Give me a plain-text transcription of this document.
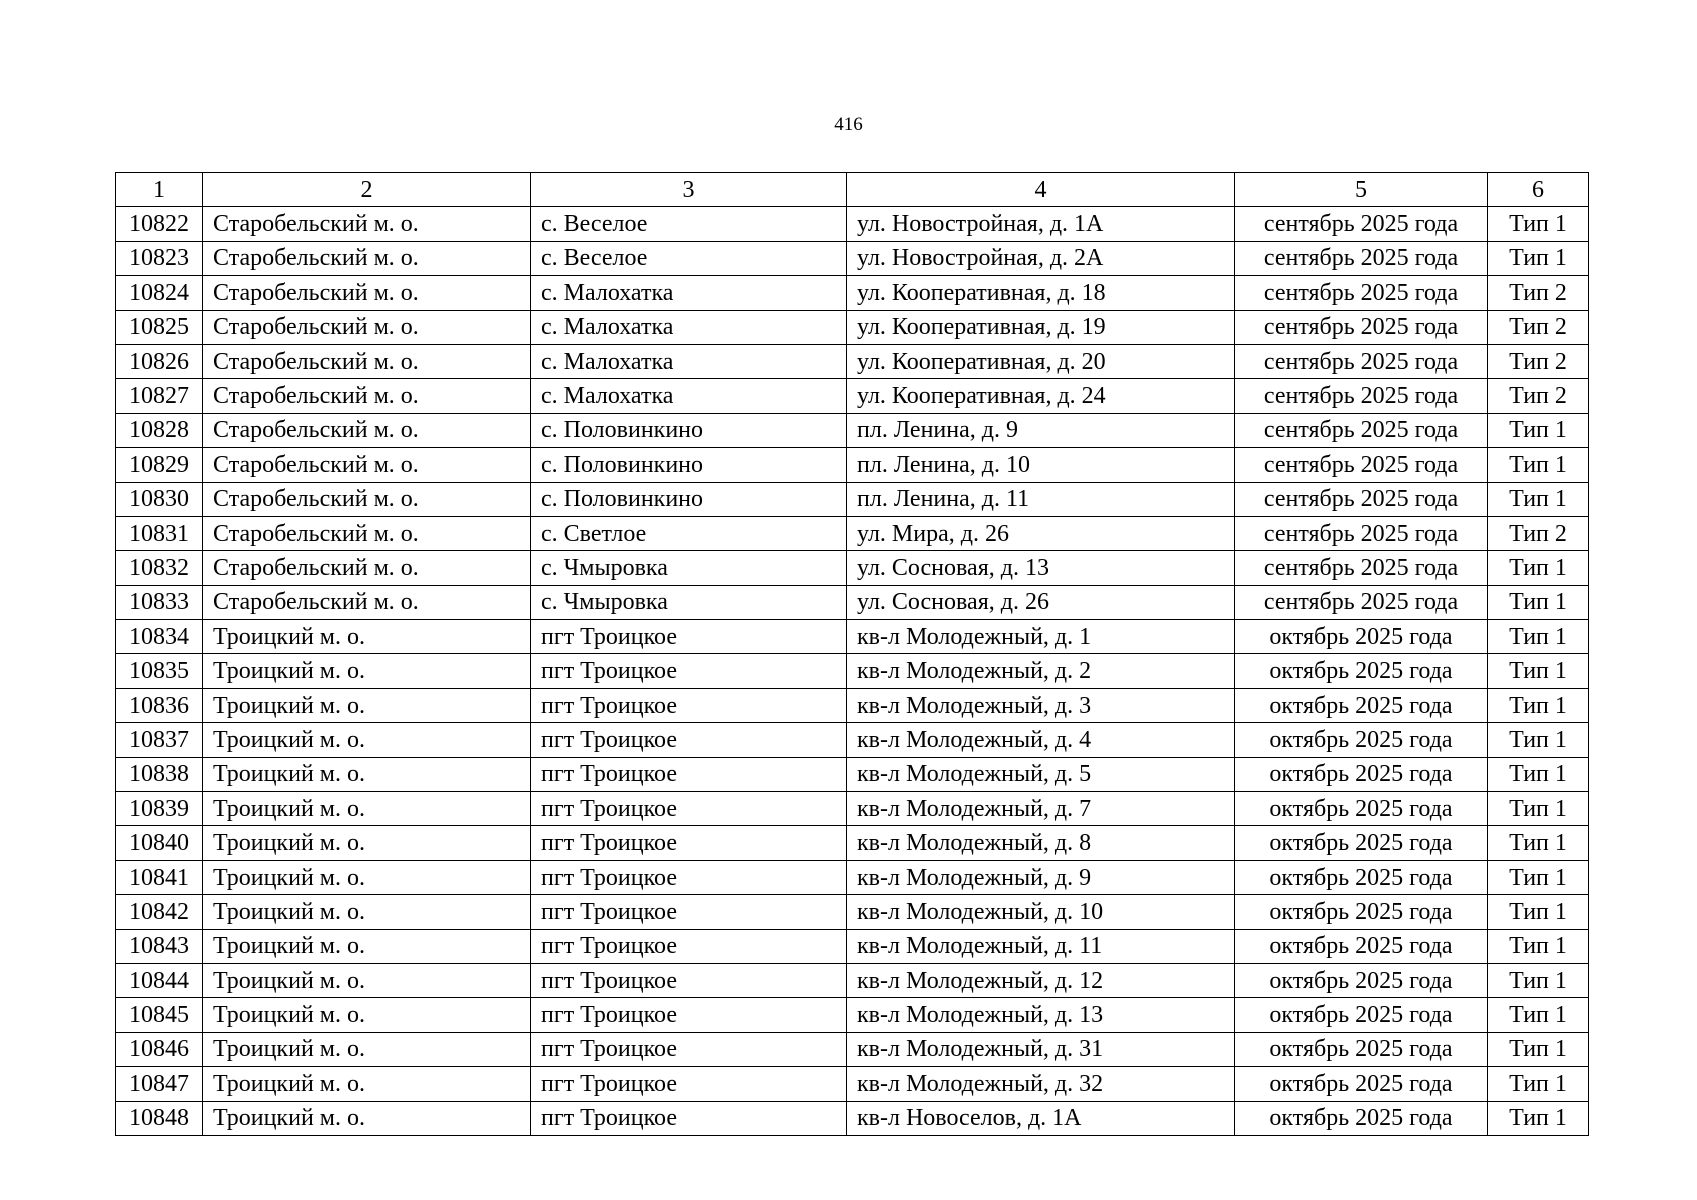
416
1	2	3	4	5	6
10822	Старобельский м. о.	с. Веселое	ул. Новостройная, д. 1А	сентябрь 2025 года	Тип 1
10823	Старобельский м. о.	с. Веселое	ул. Новостройная, д. 2А	сентябрь 2025 года	Тип 1
10824	Старобельский м. о.	с. Малохатка	ул. Кооперативная, д. 18	сентябрь 2025 года	Тип 2
10825	Старобельский м. о.	с. Малохатка	ул. Кооперативная, д. 19	сентябрь 2025 года	Тип 2
10826	Старобельский м. о.	с. Малохатка	ул. Кооперативная, д. 20	сентябрь 2025 года	Тип 2
10827	Старобельский м. о.	с. Малохатка	ул. Кооперативная, д. 24	сентябрь 2025 года	Тип 2
10828	Старобельский м. о.	с. Половинкино	пл. Ленина, д. 9	сентябрь 2025 года	Тип 1
10829	Старобельский м. о.	с. Половинкино	пл. Ленина, д. 10	сентябрь 2025 года	Тип 1
10830	Старобельский м. о.	с. Половинкино	пл. Ленина, д. 11	сентябрь 2025 года	Тип 1
10831	Старобельский м. о.	с. Светлое	ул. Мира, д. 26	сентябрь 2025 года	Тип 2
10832	Старобельский м. о.	с. Чмыровка	ул. Сосновая, д. 13	сентябрь 2025 года	Тип 1
10833	Старобельский м. о.	с. Чмыровка	ул. Сосновая, д. 26	сентябрь 2025 года	Тип 1
10834	Троицкий м. о.	пгт Троицкое	кв-л Молодежный, д. 1	октябрь 2025 года	Тип 1
10835	Троицкий м. о.	пгт Троицкое	кв-л Молодежный, д. 2	октябрь 2025 года	Тип 1
10836	Троицкий м. о.	пгт Троицкое	кв-л Молодежный, д. 3	октябрь 2025 года	Тип 1
10837	Троицкий м. о.	пгт Троицкое	кв-л Молодежный, д. 4	октябрь 2025 года	Тип 1
10838	Троицкий м. о.	пгт Троицкое	кв-л Молодежный, д. 5	октябрь 2025 года	Тип 1
10839	Троицкий м. о.	пгт Троицкое	кв-л Молодежный, д. 7	октябрь 2025 года	Тип 1
10840	Троицкий м. о.	пгт Троицкое	кв-л Молодежный, д. 8	октябрь 2025 года	Тип 1
10841	Троицкий м. о.	пгт Троицкое	кв-л Молодежный, д. 9	октябрь 2025 года	Тип 1
10842	Троицкий м. о.	пгт Троицкое	кв-л Молодежный, д. 10	октябрь 2025 года	Тип 1
10843	Троицкий м. о.	пгт Троицкое	кв-л Молодежный, д. 11	октябрь 2025 года	Тип 1
10844	Троицкий м. о.	пгт Троицкое	кв-л Молодежный, д. 12	октябрь 2025 года	Тип 1
10845	Троицкий м. о.	пгт Троицкое	кв-л Молодежный, д. 13	октябрь 2025 года	Тип 1
10846	Троицкий м. о.	пгт Троицкое	кв-л Молодежный, д. 31	октябрь 2025 года	Тип 1
10847	Троицкий м. о.	пгт Троицкое	кв-л Молодежный, д. 32	октябрь 2025 года	Тип 1
10848	Троицкий м. о.	пгт Троицкое	кв-л Новоселов, д. 1А	октябрь 2025 года	Тип 1
